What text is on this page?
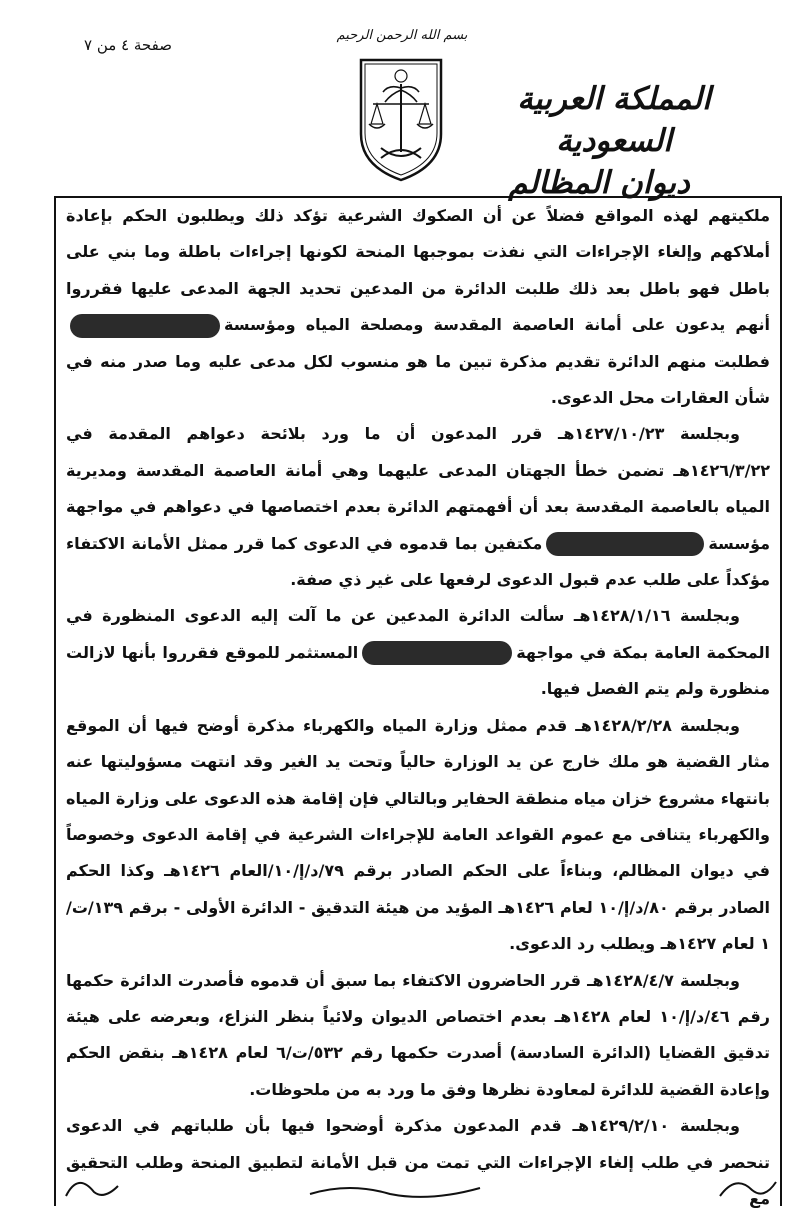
صفحة ٤ من ٧
بسم الله الرحمن الرحيم
المملكة العربية السعودية
ديوان المظالم

ملكيتهم لهذه المواقع فضلاً عن أن الصكوك الشرعية تؤكد ذلك ويطلبون الحكم بإعادة أملاكهم وإلغاء الإجراءات التي نفذت بموجبها المنحة لكونها إجراءات باطلة وما بني على باطل فهو باطل بعد ذلك طلبت الدائرة من المدعين تحديد الجهة المدعى عليها فقرروا أنهم يدعون على أمانة العاصمة المقدسة ومصلحة المياه ومؤسسةفطلبت منهم الدائرة تقديم مذكرة تبين ما هو منسوب لكل مدعى عليه وما صدر منه في شأن العقارات محل الدعوى.

وبجلسة ١٤٢٧/١٠/٢٣هـ قرر المدعون أن ما ورد بلائحة دعواهم المقدمة في ١٤٢٦/٣/٢٢هـ تضمن خطأ الجهتان المدعى عليهما وهي أمانة العاصمة المقدسة ومديرية المياه بالعاصمة المقدسة بعد أن أفهمتهم الدائرة بعدم اختصاصها في دعواهم في مواجهة مؤسسةمكتفين بما قدموه في الدعوى كما قرر ممثل الأمانة الاكتفاء مؤكداً على طلب عدم قبول الدعوى لرفعها على غير ذي صفة.

وبجلسة ١٤٢٨/١/١٦هـ سألت الدائرة المدعين عن ما آلت إليه الدعوى المنظورة في المحكمة العامة بمكة في مواجهةالمستثمر للموقع فقرروا بأنها لازالت منظورة ولم يتم الفصل فيها.

وبجلسة ١٤٢٨/٢/٢٨هـ قدم ممثل وزارة المياه والكهرباء مذكرة أوضح فيها أن الموقع مثار القضية هو ملك خارج عن يد الوزارة حالياً وتحت يد الغير وقد انتهت مسؤوليتها عنه بانتهاء مشروع خزان مياه منطقة الحفاير وبالتالي فإن إقامة هذه الدعوى على وزارة المياه والكهرباء يتنافى مع عموم القواعد العامة للإجراءات الشرعية في إقامة الدعوى وخصوصاً في ديوان المظالم، وبناءاً على الحكم الصادر برقم ٧٩/د/إ/١٠/العام ١٤٢٦هـ وكذا الحكم الصادر برقم ٨٠/د/إ/١٠ لعام ١٤٢٦هـ المؤيد من هيئة التدقيق - الدائرة الأولى - برقم ١٣٩/ت/١ لعام ١٤٢٧هـ ويطلب رد الدعوى.

وبجلسة ١٤٢٨/٤/٧هـ قرر الحاضرون الاكتفاء بما سبق أن قدموه فأصدرت الدائرة حكمها رقم ٤٦/د/إ/١٠ لعام ١٤٢٨هـ بعدم اختصاص الديوان ولائياً بنظر النزاع، وبعرضه على هيئة تدقيق القضايا (الدائرة السادسة) أصدرت حكمها رقم ٥٣٢/ت/٦ لعام ١٤٢٨هـ بنقض الحكم وإعادة القضية للدائرة لمعاودة نظرها وفق ما ورد به من ملحوظات.

وبجلسة ١٤٢٩/٢/١٠هـ قدم المدعون مذكرة أوضحوا فيها بأن طلباتهم في الدعوى تنحصر في طلب إلغاء الإجراءات التي تمت من قبل الأمانة لتطبيق المنحة وطلب التحقيق مع
